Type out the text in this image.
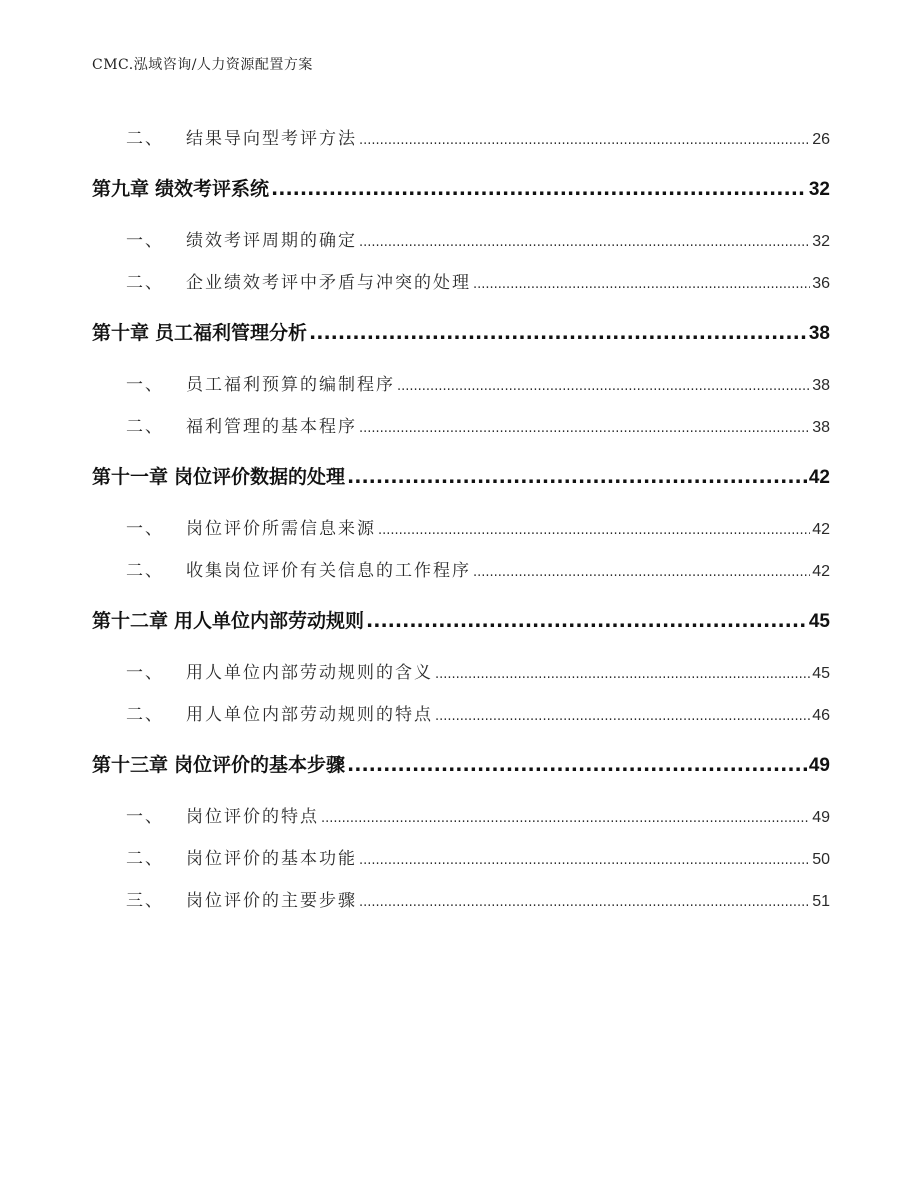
CMC.泓域咨询/人力资源配置方案
二、 结果导向型考评方法 .....	26
第九章 绩效考评系统 .....	32
一、 绩效考评周期的确定 .....	32
二、 企业绩效考评中矛盾与冲突的处理 .....	36
第十章 员工福利管理分析 .....	38
一、 员工福利预算的编制程序 .....	38
二、 福利管理的基本程序 .....	38
第十一章 岗位评价数据的处理 .....	42
一、 岗位评价所需信息来源 .....	42
二、 收集岗位评价有关信息的工作程序 .....	42
第十二章 用人单位内部劳动规则 .....	45
一、 用人单位内部劳动规则的含义 .....	45
二、 用人单位内部劳动规则的特点 .....	46
第十三章 岗位评价的基本步骤 .....	49
一、 岗位评价的特点 .....	49
二、 岗位评价的基本功能 .....	50
三、 岗位评价的主要步骤 .....	51
